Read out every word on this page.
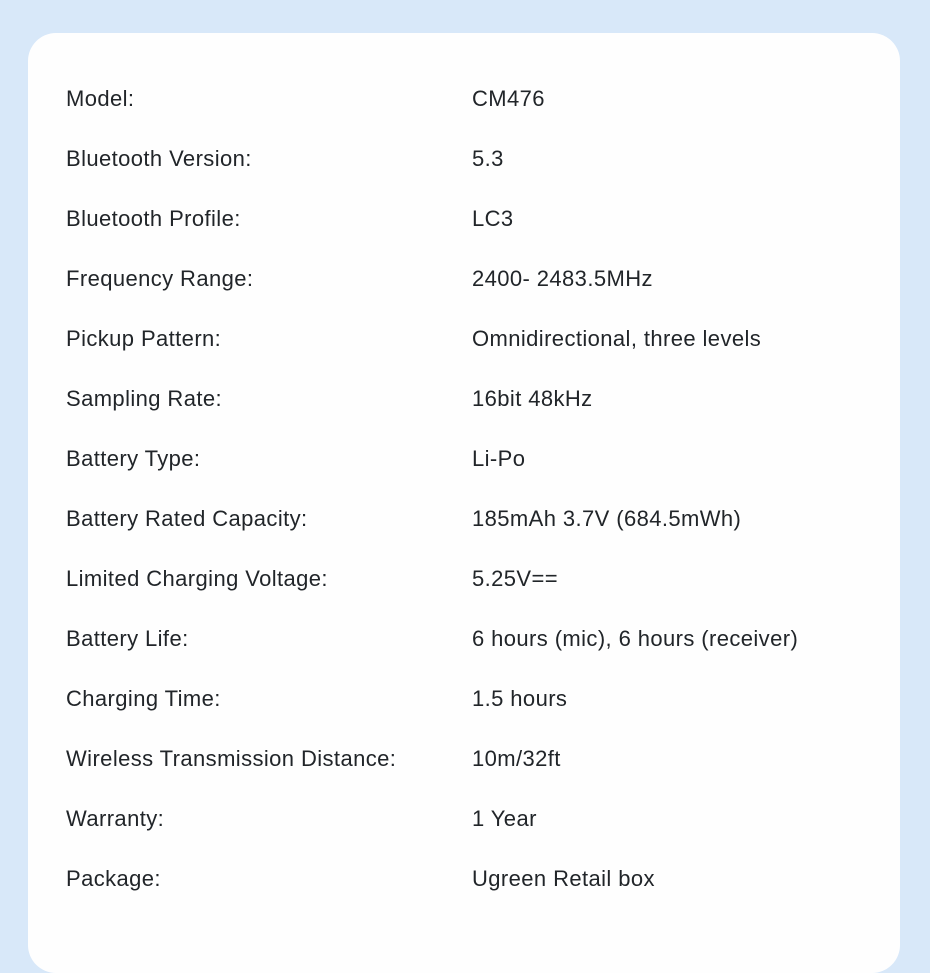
Model:	CM476
Bluetooth Version:	5.3
Bluetooth Profile:	LC3
Frequency Range:	2400- 2483.5MHz
Pickup Pattern:	Omnidirectional, three levels
Sampling Rate:	16bit 48kHz
Battery Type:	Li-Po
Battery Rated Capacity:	185mAh 3.7V (684.5mWh)
Limited Charging Voltage:	5.25V==
Battery Life:	6 hours (mic), 6 hours (receiver)
Charging Time:	1.5 hours
Wireless Transmission Distance:	10m/32ft
Warranty:	1 Year
Package:	Ugreen Retail box
